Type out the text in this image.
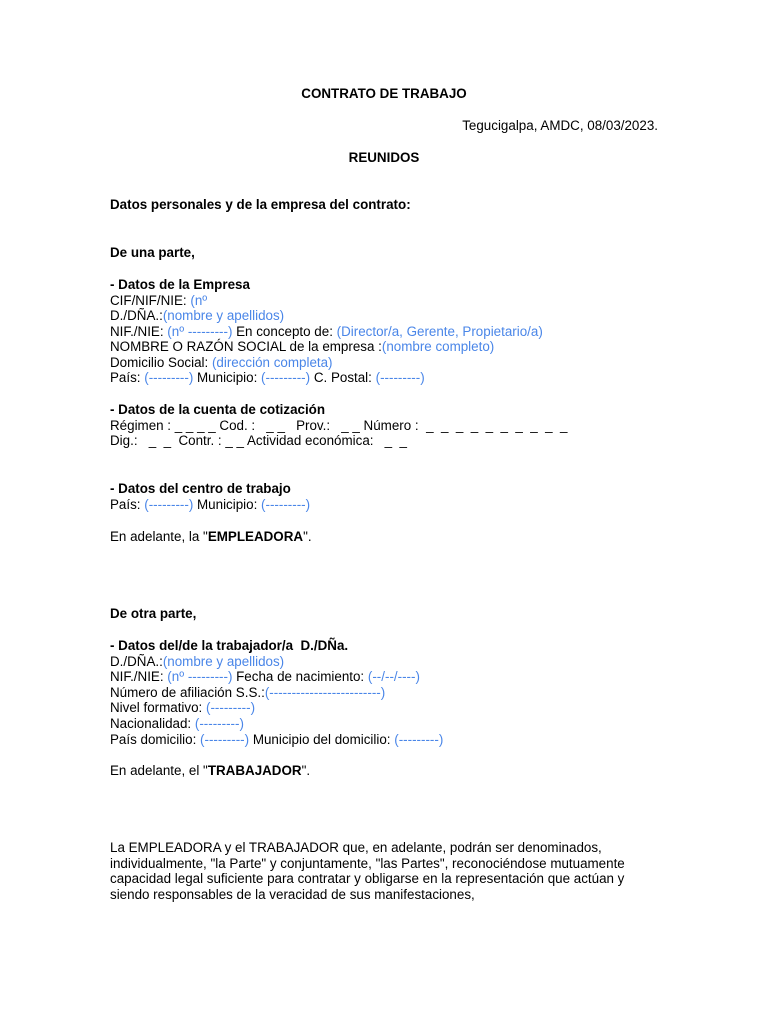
CONTRATO DE TRABAJO
Tegucigalpa, AMDC, 08/03/2023.
REUNIDOS
Datos personales y de la empresa del contrato:
De una parte,
- Datos de la Empresa
CIF/NIF/NIE: (nº
D./DÑA.:(nombre y apellidos)
NIF./NIE: (nº ---------) En concepto de: (Director/a, Gerente, Propietario/a)
NOMBRE O RAZÓN SOCIAL de la empresa :(nombre completo)
Domicilio Social: (dirección completa)
País: (---------) Municipio: (---------) C. Postal: (---------)
- Datos de la cuenta de cotización
Régimen : _ _ _ _ Cod. :   _ _   Prov.:   _ _ Número :  _  _  _  _  _  _  _  _  _  _
Dig.:   _  _  Contr. : _ _ Actividad económica:   _  _
- Datos del centro de trabajo
País: (---------) Municipio: (---------)
En adelante, la "EMPLEADORA".
De otra parte,
- Datos del/de la trabajador/a  D./DÑa.
D./DÑA.:(nombre y apellidos)
NIF./NIE: (nº ---------) Fecha de nacimiento: (--/--/----)
Número de afiliación S.S.:(-------------------------)
Nivel formativo: (---------)
Nacionalidad: (---------)
País domicilio: (---------) Municipio del domicilio: (---------)
En adelante, el "TRABAJADOR".
La EMPLEADORA y el TRABAJADOR que, en adelante, podrán ser denominados, individualmente, "la Parte" y conjuntamente, "las Partes", reconociéndose mutuamente capacidad legal suficiente para contratar y obligarse en la representación que actúan y siendo responsables de la veracidad de sus manifestaciones,
